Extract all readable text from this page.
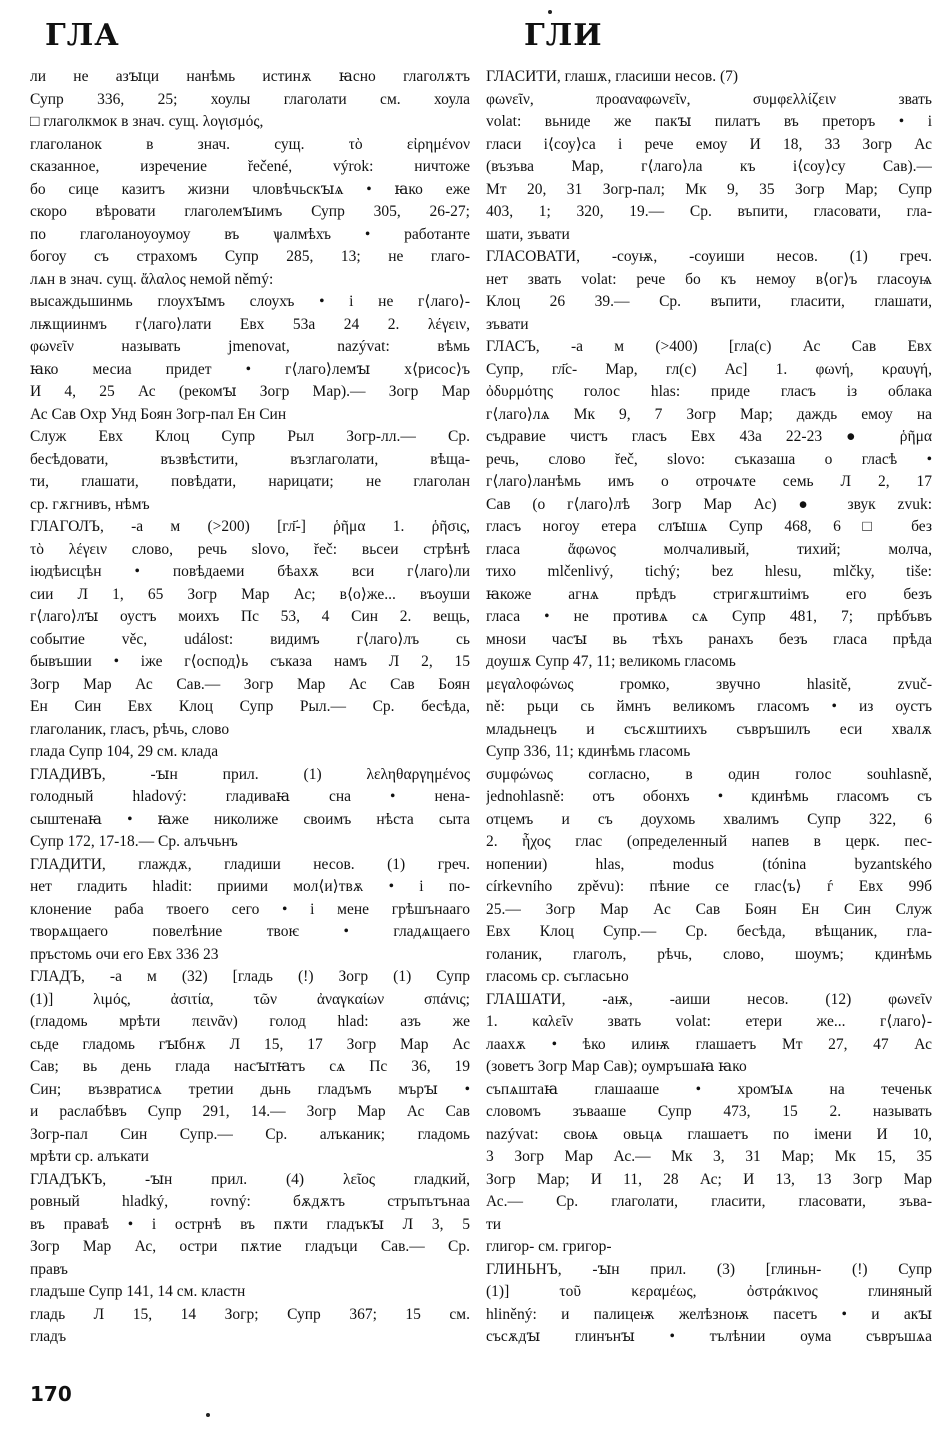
ГЛА	ГЛИ
ли не азꙑци нанѣмь истинѫ ꙗсно глаголѫтъ
Супр 336, 25; хоулы глаголати см. хоула
□ глаголкмок в знач. сущ. λογισμός,
глаголанок в знач. сущ. τὸ εἰρημένον
сказанное, изречение řečené, výrok: ничтоже
бо сице казитъ жизни чловѣчьскꙑѧ • ꙗко еже
скоро вѣровати глаголемꙑимъ Супр 305, 26-27;
по глаголаноуоумоу въ ѱалмѣхъ • работанте
богоу съ страхомъ Супр 285, 13; не глаго-
лѧн в знач. сущ. ἄλαλος немой němý:
высаждьшинмь глоухꙑмъ слоухъ • і не г⟨лаго⟩-
лѭщиинмъ г⟨лаго⟩лати Евх 53а 24 2. λέγειν,
φωνεῖν называть jmenovat, nazývat: вѣмь
ꙗко месиа придет • г⟨лаго⟩лемꙑ х⟨рисос⟩ъ
И 4, 25 Ас (рекомꙑ Зогр Мар).— Зогр Мар
Ас Сав Охр Унд Боян Зогр-пал Ен Син
Служ Евх Клоц Супр Рыл Зогр-лл.— Ср.
бесѣдовати, възвѣстити, възглаголати, вѣща-
ти, глашати, повѣдати, нарицати; не глаголан
ср. гѫгнивъ, нѣмъ
ГЛАГОЛЪ, -а м (>200) [гл҃-] ῥῆμα 1. ῥῆσις,
τὸ λέγειν слово, речь slovo, řeč: вьсеи стрѣнѣ
іюдѣисцѣн • повѣдаеми бѣахѫ вси г⟨лаго⟩ли
сии Л 1, 65 Зогр Мар Ас; в⟨о⟩же... въоуши
г⟨лаго⟩лꙑ оустъ моихъ Пс 53, 4 Син 2. вещь,
событие věc, událost: видимъ г⟨лаго⟩лъ сь
бывъшии • іже г⟨оспод⟩ь съказа намъ Л 2, 15
Зогр Мар Ас Сав.— Зогр Мар Ас Сав Боян
Ен Син Евх Клоц Супр Рыл.— Ср. бесѣда,
глаголаник, гласъ, рѣчь, слово
глада Супр 104, 29 см. клада
ГЛАДИВЪ, -ꙑн прил. (1) λεληθαργημένος
голодный hladový: гладиваꙗ сна • нена-
сыштенаꙗ • ꙗже николиже своимъ нѣста сыта
Супр 172, 17-18.— Ср. алъчьнъ
ГЛАДИТИ, глаждѫ, гладиши несов. (1) греч.
нет гладить hladit: приими мол⟨и⟩твѫ • і по-
клонение раба твоего сего • і мене грѣшънааго
творѧщаего повелѣние твоѥ • гладѧщаего
пръстомь очи его Евх 336 23
ГЛАДЪ, -а м (32) [гладь (!) Зогр (1) Супр
(1)] λιμός, ἀσιτία, τῶν ἀναγκαίων σπάνις;
(гладомь мрѣти πεινᾶν) голод hlad: азъ же
сьде гладомь гꙑбнѫ Л 15, 17 Зогр Мар Ас
Сав; вь день глада насꙑтꙗтъ сѧ Пс 36, 19
Син; възвратисѧ третии дьнь гладъмъ мърꙑ •
и раслабѣвъ Супр 291, 14.— Зогр Мар Ас Сав
Зогр-пал Син Супр.— Ср. алъканик; гладомь
мрѣти ср. алъкати
ГЛАДЪКЪ, -ꙑн прил. (4) λεῖος гладкий,
ровный hladký, rovný: бѫдѫтъ стръпътънаа
въ праваѣ • і острнѣ въ пѫти гладъкꙑ Л 3, 5
Зогр Мар Ас, остри пѫтие гладъци Сав.— Ср.
правъ
гладъше Супр 141, 14 см. кластн
гладь Л 15, 14 Зогр; Супр 367; 15 см.
гладъ
ГЛАСИТИ, глашѫ, гласиши несов. (7)
φωνεῖν, προαναφωνεῖν, συμφελλίζειν звать
volat: вьниде же пакꙑ пилатъ въ преторъ • і
гласи і⟨соу⟩са і рече емоу И 18, 33 Зогр Ас
(възъва Мар, г⟨лаго⟩ла къ і⟨соу⟩су Сав).—
Мт 20, 31 Зогр-пал; Мк 9, 35 Зогр Мар; Супр
403, 1; 320, 19.— Ср. въпити, гласовати, гла-
шати, зъвати
ГЛАСОВАТИ, -соуѭ, -соуиши несов. (1) греч.
нет звать volat: рече бо къ немоу в⟨ог⟩ъ гласоуѩ
Клоц 26 39.— Ср. въпити, гласити, глашати,
зъвати
ГЛАСЪ, -а м (>400) [гла(с) Ас Сав Евх
Супр, гл҃с- Мар, гл(с) Ас] 1. φωνή, κραυγή,
ὀδυρμότης голос hlas: приде гласъ із облака
г⟨лаго⟩лѧ Мк 9, 7 Зогр Мар; даждь емоу на
съдравие чистъ гласъ Евх 43а 22-23 ● ῥῆμα
речь, слово řeč, slovo: съказаша о гласѣ •
г⟨лаго⟩ланѣмь имъ о отрочѧте семь Л 2, 17
Сав (о г⟨лаго⟩лѣ Зогр Мар Ас) ● звук zvuk:
гласъ ногоу етера слꙑшѧ Супр 468, 6 □ без
гласа ἄφωνος молчаливый, тихий; молча,
тихо mlčenlivý, tichý; bez hlesu, mlčky, tiše:
ꙗкоже агнѧ прѣдъ стригѫштиімъ его безъ
гласа • не противѧ сѧ Супр 481, 7; прѣбъвъ
мноѕи часꙑ вь тѣхъ ранахъ безъ гласа прѣда
доушѫ Супр 47, 11; великомь гласомь
μεγαλοφώνως громко, звучно hlasitě, zvuč-
ně: рьци сь ймнъ великомъ гласомъ • из оустъ
младьнецъ и съсѫштиихъ съвръшилъ еси хвалѫ
Супр 336, 11; кдинѣмь гласомь
συμφώνως согласно, в один голос souhlasně,
jednohlasně: отъ обонхъ • кдинѣмь гласомъ съ
отцемъ и съ доухомь хвалимъ Супр 322, 6
2. ἦχος глас (определенный напев в церк. пес-
нопении) hlas, modus (tónina byzantského
církevního zpěvu): пѣние се глас⟨ъ⟩ ѓ Евх 99б
25.— Зогр Мар Ас Сав Боян Ен Син Служ
Евх Клоц Супр.— Ср. бесѣда, вѣщаник, гла-
голаник, глаголъ, рѣчь, слово, шоумъ; кдинѣмь
гласомь ср. съгласьно
ГЛАШАТИ, -аѭ, -аиши несов. (12) φωνεῖν
1. καλεῖν звать volat: етери же... г⟨лаго⟩-
лаахѫ • ѣко илиѭ глашаетъ Мт 27, 47 Ас
(зоветъ Зогр Мар Сав); оумръшаꙗ ꙗко
съпѧштаꙗ глашааше • хромꙑѧ на теченьк
словомъ зъвааше Супр 473, 15 2. называть
nazývat: своѩ овьцѧ глашаетъ по імени И 10,
3 Зогр Мар Ас.— Мк 3, 31 Мар; Мк 15, 35
Зогр Мар; И 11, 28 Ас; И 13, 13 Зогр Мар
Ас.— Ср. глаголати, гласити, гласовати, зъва-
ти
глигор- см. григор-
ГЛИНЬНЪ, -ꙑн прил. (3) [глиньн- (!) Супр
(1)] τοῦ κεραμέως, ὀστράκινος глиняный
hliněný: и палицеѭ желѣзноѭ пасетъ • и акꙑ
съсѫдꙑ глинънꙑ • тълѣнии оума съвръшѧа
170
